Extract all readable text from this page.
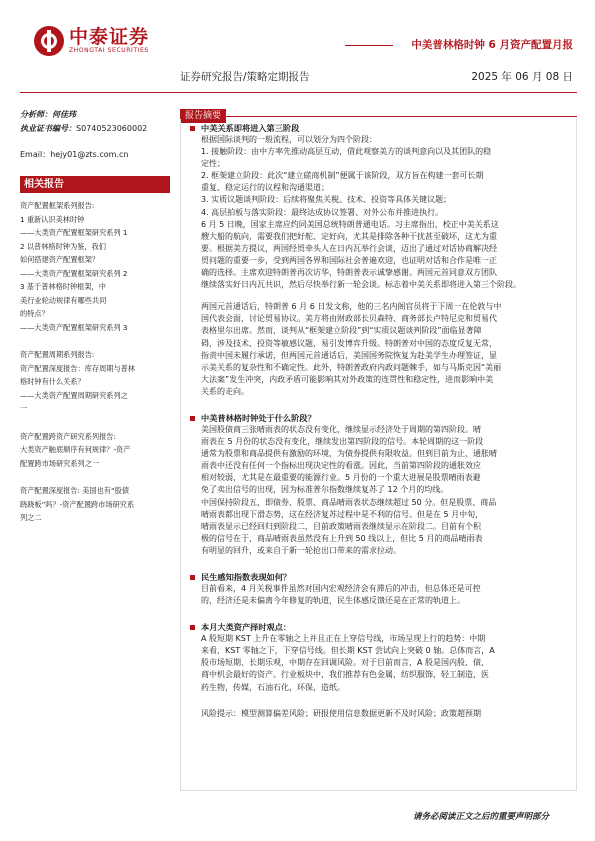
中泰证券
ZHONGTAI SECURITIES	中美普林格时钟 6 月资产配置月报
证券研究报告/策略定期报告	2025 年 06 月 08 日
分析师：何佳玮
执业证书编号：S0740523060002
Email：hejy01@zts.com.cn
相关报告
资产配置框架系列报告:
1 重新认识美林时钟
——大类资产配置框架研究系列 1
2 以普林格时钟为鉴，我们
如何搭建资产配置框架？
——大类资产配置框架研究系列 2
3 基于普林格时钟框架，中
美行业轮动规律有哪些共同
的特点？
——大类资产配置框架研究系列 3
资产配置周期系列报告:
资产配置深度报告：库存周期与普林
格时钟有什么关系？
——大类资产配置周期研究系列之
一
资产配置跨资产研究系列报告:
大类资产触底顺序有何规律？-资产
配置跨市场研究系列之一
资产配置深度报告: 美国也有“股债
跷跷板”吗？-资产配置跨市场研究系
列之二
报告摘要
中美关系即将进入第三阶段
根据国际谈判的一般流程，可以划分为四个阶段：
1. 接触阶段：由中方率先推动高层互动，借此观察美方的谈判意向以及其团队的稳
定性；
2. 框架建立阶段：此次“建立磋商机制”便属于该阶段，双方旨在构建一套可长期
重复、稳定运行的议程和沟通渠道；
3. 实质议题谈判阶段：后续将聚焦关税、技术、投资等具体关键议题；
4. 高层拍板与落实阶段：最终达成协议签署、对外公布并推进执行。
6 月 5 日晚，国家主席应约同美国总统特朗普通电话。习主席指出，校正中美关系这
艘大船的航向，需要我们把好舵、定好向，尤其是排除各种干扰甚至破坏，这尤为重
要。根据美方提议，两国经贸牵头人在日内瓦举行会谈，迈出了通过对话协商解决经
贸问题的重要一步，受到两国各界和国际社会普遍欢迎，也证明对话和合作是唯一正
确的选择。主席欢迎特朗普再次访华，特朗普表示诚挚感谢。两国元首同意双方团队
继续落实好日内瓦共识，然后尽快举行新一轮会谈。标志着中美关系即将进入第三个阶段。
两国元首通话后，特朗普 6 月 6 日发文称，他的三名内阁官员将于下周一在伦敦与中
国代表会面，讨论贸易协议。美方将由财政部长贝森特、商务部长卢特尼克和贸易代
表格里尔出席。然而，谈判从“框架建立阶段”到“实质议题谈判阶段”面临显著障
碍，涉及技术、投资等敏感议题，易引发博弈升级。特朗普对中国的态度反复无常，
指责中国未履行承诺，但两国元首通话后，美国国务院恢复为赴美学生办理签证，显
示美关系的复杂性和不确定性。此外，特朗普政府内政问题棘手，如与马斯克因“美丽
大法案”发生冲突，内政矛盾可能影响其对外政策的连贯性和稳定性，进而影响中美
关系的走向。
中美普林格时钟处于什么阶段？
美国股债商三张晴雨表的状态没有变化，继续显示经济处于周期的第四阶段。晴
雨表在 5 月份的状态没有变化，继续发出第四阶段的信号。本轮周期的这一阶段
通常为股票和商品提供有激励的环境，为债券提供有限收益。但到目前为止，通胀晴
雨表中还没有任何一个指标出现决定性的看涨。因此，当前第四阶段的通胀效应
相对较弱，尤其是在最重要的能源行业。5 月份的一个重大进展是股票晴雨表避
免了卖出信号的出现，因为标准普尔指数继续复苏了 12 个月的均线。
中国保持阶段五，即债券、股票、商品晴雨表状态继续超过 50 分。但是股票、商品
晴雨表都出现下滑态势，这在经济复苏过程中是不利的信号。但是在 5 月中旬，
晴雨表显示已经回归到阶段二，目前政策晴雨表继续显示在阶段二。目前有个积
极的信号在于，商品晴雨表虽然没有上升到 50 线以上，但比 5 月的商品晴雨表
有明显的回升，或来自于新一轮抢出口带来的需求拉动。
民生感知指数表现如何？
目前看来，4 月关税事件虽然对国内宏观经济会有滞后的冲击，但总体还是可控
的，经济还是未偏离今年修复的轨道，民生体感反馈还是在正常的轨道上。
本月大类资产择时观点：
A 股短期 KST 上升在零轴之上并且正在上穿信号线，市场呈现上行的趋势：中期
来看，KST 零轴之下，下穿信号线。但长期 KST 尝试向上突破 0 轴。总体而言，A
股市场短期、长期乐观，中期存在回调风险。对于目前而言，A 股是国内股、债、
商中机会最好的资产。行业板块中，我们推荐有色金属，纺织服饰，轻工制造，医
药生物，传媒，石油石化，环保，造纸。
风险提示：模型测算偏差风险；研报使用信息数据更新不及时风险；政策超预期
请务必阅读正文之后的重要声明部分
